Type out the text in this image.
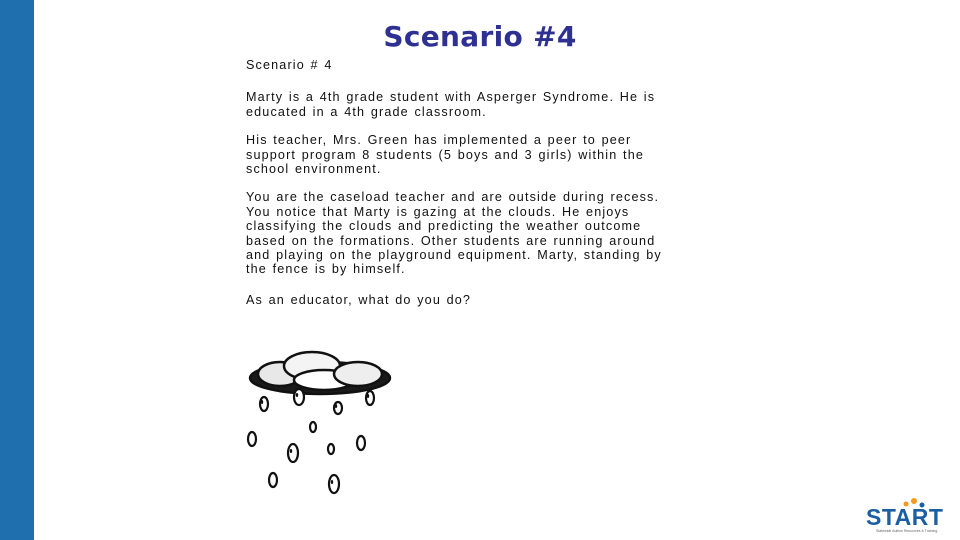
Scenario #4

Scenario # 4

Marty is a 4th grade student with Asperger Syndrome. He is
educated in a 4th grade classroom.

His teacher, Mrs. Green has implemented a peer to peer
support program 8 students (5 boys and 3 girls) within the
school environment.

You are the caseload teacher and are outside during recess.
You notice that Marty is gazing at the clouds. He enjoys
classifying the clouds and predicting the weather outcome
based on the formations. Other students are running around
and playing on the playground equipment. Marty, standing by
the fence is by himself.

As an educator, what do you do?

START
Statewide Autism Resources & Training
